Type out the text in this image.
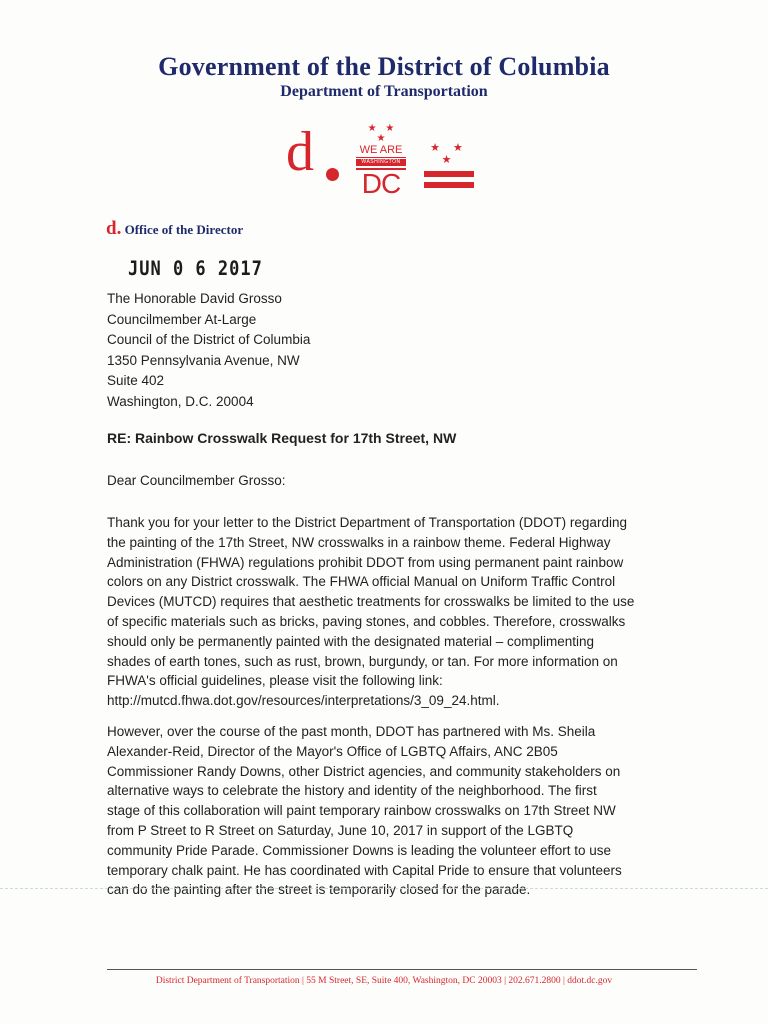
Government of the District of Columbia
Department of Transportation
d	★ ★ ★
WE ARE
WASHINGTON
DC
★ ★ ★
d. Office of the Director
JUN 0 6 2017
The Honorable David Grosso
Councilmember At-Large
Council of the District of Columbia
1350 Pennsylvania Avenue, NW
Suite 402
Washington, D.C. 20004
RE: Rainbow Crosswalk Request for 17th Street, NW
Dear Councilmember Grosso:
Thank you for your letter to the District Department of Transportation (DDOT) regarding
the painting of the 17th Street, NW crosswalks in a rainbow theme. Federal Highway
Administration (FHWA) regulations prohibit DDOT from using permanent paint rainbow
colors on any District crosswalk. The FHWA official Manual on Uniform Traffic Control
Devices (MUTCD) requires that aesthetic treatments for crosswalks be limited to the use
of specific materials such as bricks, paving stones, and cobbles. Therefore, crosswalks
should only be permanently painted with the designated material – complimenting
shades of earth tones, such as rust, brown, burgundy, or tan. For more information on
FHWA's official guidelines, please visit the following link:
http://mutcd.fhwa.dot.gov/resources/interpretations/3_09_24.html.
However, over the course of the past month, DDOT has partnered with Ms. Sheila
Alexander-Reid, Director of the Mayor's Office of LGBTQ Affairs, ANC 2B05
Commissioner Randy Downs, other District agencies, and community stakeholders on
alternative ways to celebrate the history and identity of the neighborhood. The first
stage of this collaboration will paint temporary rainbow crosswalks on 17th Street NW
from P Street to R Street on Saturday, June 10, 2017 in support of the LGBTQ
community Pride Parade. Commissioner Downs is leading the volunteer effort to use
temporary chalk paint. He has coordinated with Capital Pride to ensure that volunteers
can do the painting after the street is temporarily closed for the parade.
District Department of Transportation | 55 M Street, SE, Suite 400, Washington, DC 20003 | 202.671.2800 | ddot.dc.gov
